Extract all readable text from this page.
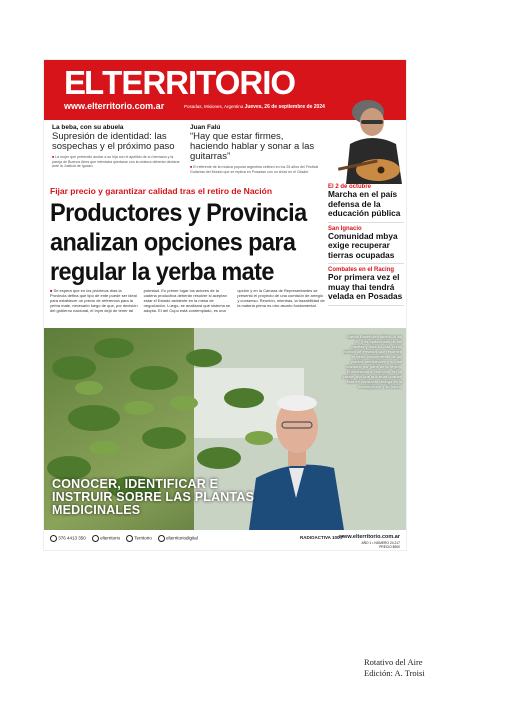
ELTERRITORIO
www.elterritorio.com.ar	Posadas, Misiones, Argentina Jueves, 26 de septiembre de 2024
La beba, con su abuela
Supresión de identidad: las sospechas y el próximo paso
■ La mujer que pretendió anotar a su hija con el apellido de su hermano y la pareja de Buenos Aires que intentaba quedarse con la criatura deberán declarar ante la Justicia de Iguazú.
Juan Falú
“Hay que estar firmes, haciendo hablar y sonar a las guitarras”
■ El referente de la música popular argentina celebró en los 25 años del Festival Guitarras del Mundo que se replica en Posadas con un show en el Citadel.
Fijar precio y garantizar calidad tras el retiro de Nación
Productores y Provincia analizan opciones para regular la yerba mate
■ Se espera que en los próximos días la Provincia defina qué tipo de ente puede ser ideal para establecer un precio de referencia para la yerba mate, necesario luego de que, por decisión del gobierno nacional, el Inym dejó de tener tal potestad. En primer lugar los actores de la cadena productiva deberán resolver si aceptan estar el Estado asistente en la mesa de negociación. Luego, se analizará qué sistema se adopta. El del Cupo está contemplado, es una opción y en la Cámara de Representantes se presentó el proyecto de una comisión de arreglo y consenso. Reunión, mientras, la trazabilidad de la materia prima es otro asunto fundamental.
El 2 de octubre
Marcha en el país defensa de la educación pública
San Ignacio
Comunidad mbya exige recuperar tierras ocupadas
Combates en el Racing
Por primera vez el muay thai tendrá velada en Posadas
Basilio Baseñoleh falleció a los 87 y es apasionado de las plantas y toda su vida, libros publicó de ensayos que resumen el vasto conocimiento de las plantas medicinales y su uso milenario por parte de la región. Entrevistado a propósito, en su paraje, dijo que la cultura guaraní está en constante diálogo en la investigación y su futuro.
CONOCER, IDENTIFICAR E INSTRUIR SOBRE LAS PLANTAS MEDICINALES
376 4413 350	elterritorio	Territorio	elterritoriodigital	RADIOACTIVA 100.7
www.elterritorio.com.ar
AÑO 1 • NÚMERO 24.217
PRECIO $900
Rotativo del Aire
Edición: A. Troisi
